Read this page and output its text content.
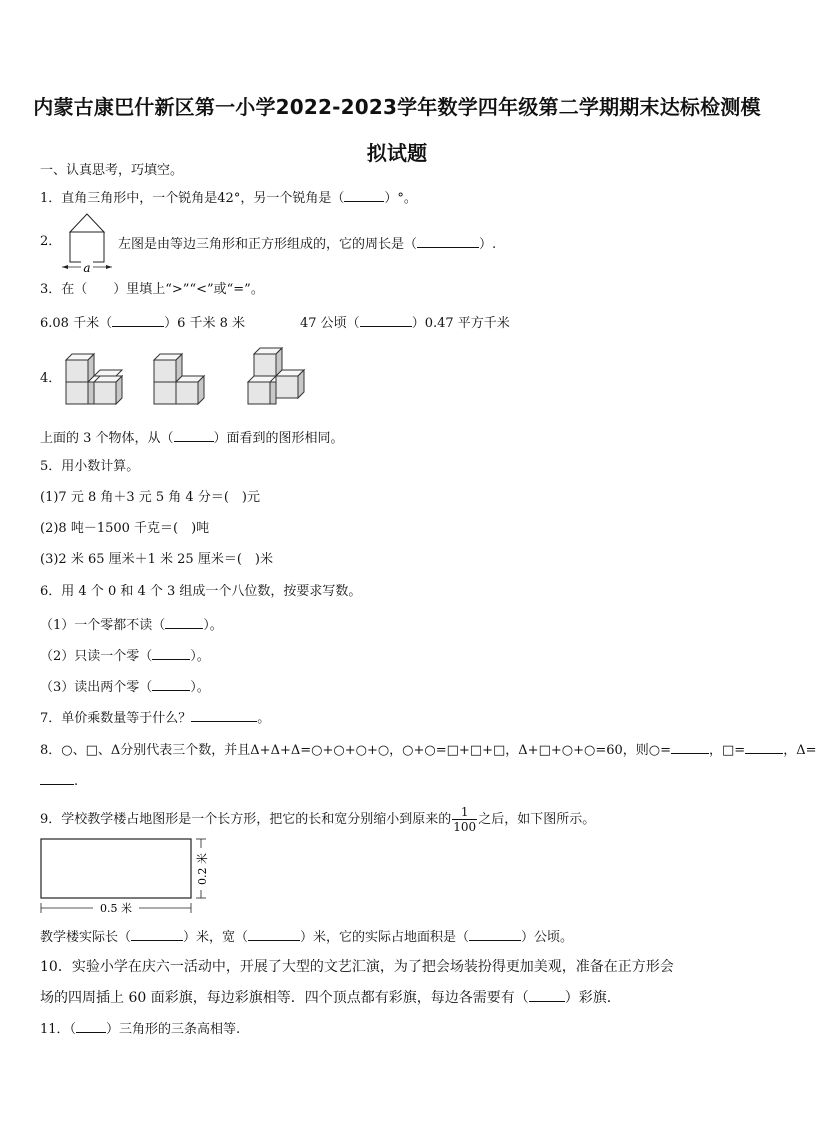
内蒙古康巴什新区第一小学2022-2023学年数学四年级第二学期期末达标检测模拟试题
一、认真思考，巧填空。
1．直角三角形中，一个锐角是42°，另一个锐角是（	）°。
2．
a
左图是由等边三角形和正方形组成的，它的周长是（	）.
3．在（　　）里填上“>”“<”或“=”。
6.08 千米（	）6 千米 8 米	47 公顷（	）0.47 平方千米
4．
上面的 3 个物体，从（	）面看到的图形相同。
5．用小数计算。
(1)7 元 8 角＋3 元 5 角 4 分＝(　)元
(2)8 吨－1500 千克＝(　)吨
(3)2 米 65 厘米＋1 米 25 厘米＝(　)米
6．用 4 个 0 和 4 个 3 组成一个八位数，按要求写数。
（1）一个零都不读（	）。
（2）只读一个零（	）。
（3）读出两个零（	）。
7．单价乘数量等于什么？	。
8．○、□、Δ分别代表三个数，并且Δ+Δ+Δ=○+○+○+○，○+○=□+□+□，Δ+□+○+○=60，则○=	，□=	，Δ=
.
9．学校教学楼占地图形是一个长方形，把它的长和宽分别缩小到原来的 $\frac{1}{100}$ 之后，如下图所示。
0.5 米
0.2 米
教学楼实际长（	）米，宽（	）米，它的实际占地面积是（	）公顷。
10．实验小学在庆六一活动中，开展了大型的文艺汇演，为了把会场装扮得更加美观，准备在正方形会
场的四周插上 60 面彩旗，每边彩旗相等．四个顶点都有彩旗，每边各需要有（	）彩旗.
11．（ ）三角形的三条高相等.
